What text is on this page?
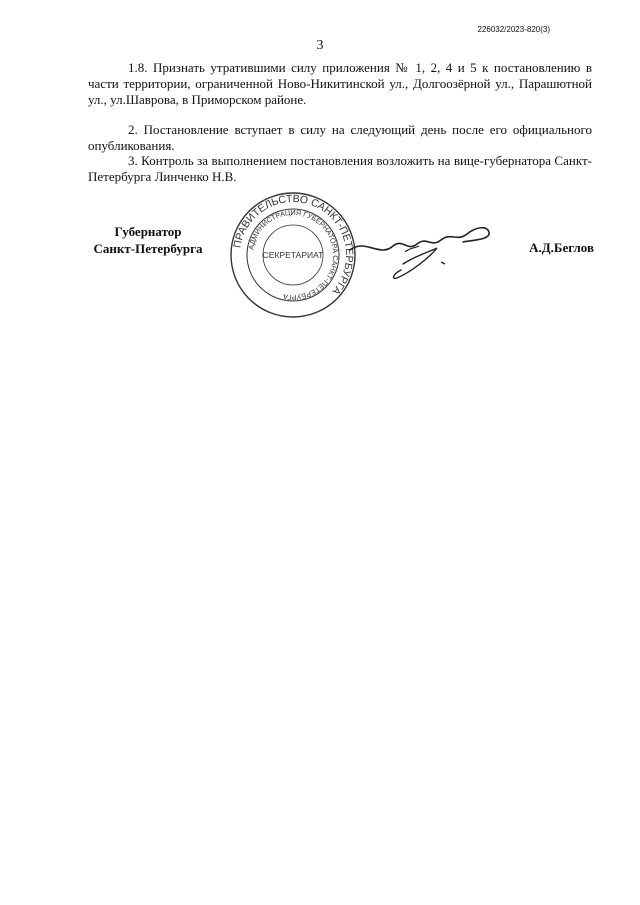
226032/2023-820(3)
3

1.8. Признать утратившими силу приложения № 1, 2, 4 и 5 к постановлению в части территории, ограниченной Ново-Никитинской ул., Долгоозёрной ул., Парашютной ул., ул.Шаврова, в Приморском районе.

2. Постановление вступает в силу на следующий день после его официального опубликования.

3. Контроль за выполнением постановления возложить на вице-губернатора Санкт-Петербурга Линченко Н.В.

Губернатор
Санкт-Петербурга	ПРАВИТЕЛЬСТВО САНКТ-ПЕТЕРБУРГА
АДМИНИСТРАЦИЯ ГУБЕРНАТОРА САНКТ-ПЕТЕРБУРГА
СЕКРЕТАРИАТ	А.Д.Беглов
